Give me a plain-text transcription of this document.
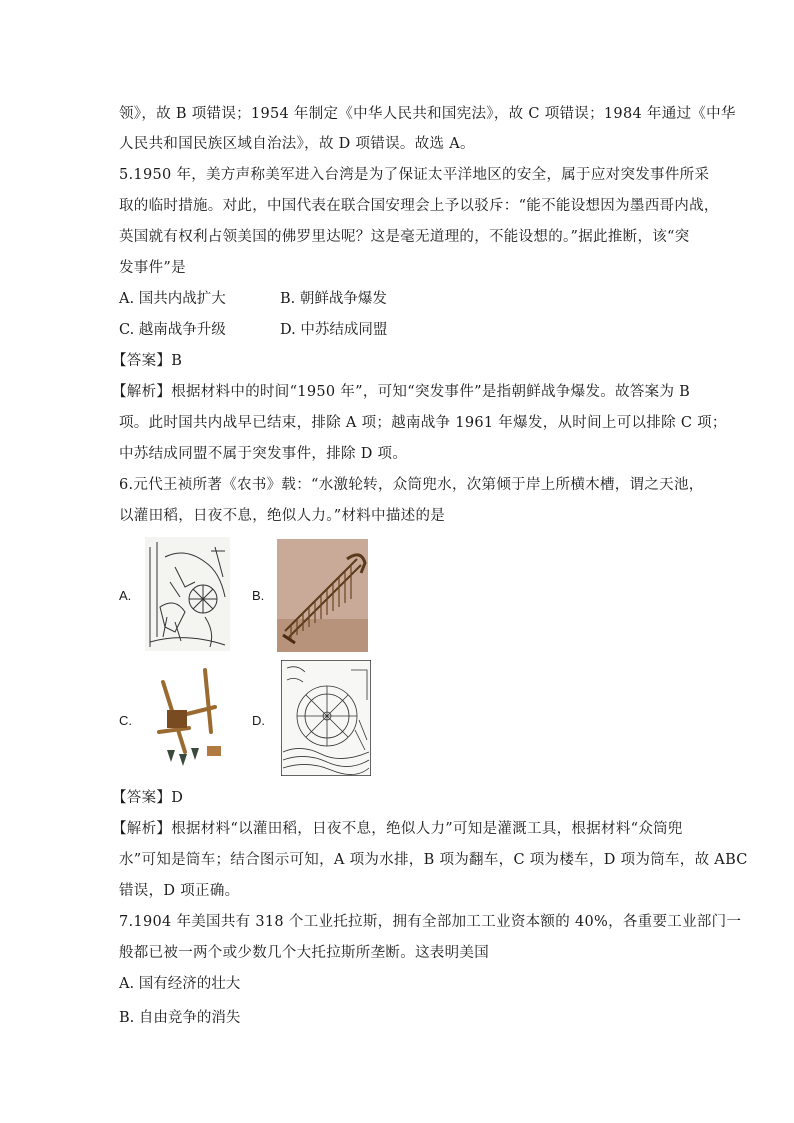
领》，故 B 项错误；1954 年制定《中华人民共和国宪法》，故 C 项错误；1984 年通过《中华
人民共和国民族区域自治法》，故 D 项错误。故选 A。
5.1950 年，美方声称美军进入台湾是为了保证太平洋地区的安全，属于应对突发事件所采
取的临时措施。对此，中国代表在联合国安理会上予以驳斥：“能不能设想因为墨西哥内战，
英国就有权利占领美国的佛罗里达呢？这是毫无道理的，不能设想的。”据此推断，该“突
发事件”是
A. 国共内战扩大	B. 朝鲜战争爆发
C. 越南战争升级	D. 中苏结成同盟
【答案】B
【解析】根据材料中的时间“1950 年”，可知“突发事件”是指朝鲜战争爆发。故答案为 B
项。此时国共内战早已结束，排除 A 项；越南战争 1961 年爆发，从时间上可以排除 C 项；
中苏结成同盟不属于突发事件，排除 D 项。
6.元代王祯所著《农书》载：“水激轮转，众筒兜水，次第倾于岸上所横木槽，谓之天池，
以灌田稻，日夜不息，绝似人力。”材料中描述的是
A.	B.
C.	D.
【答案】D
【解析】根据材料“以灌田稻，日夜不息，绝似人力”可知是灌溉工具，根据材料“众筒兜
水”可知是筒车；结合图示可知，A 项为水排，B 项为翻车，C 项为楼车，D 项为筒车，故 ABC
错误，D 项正确。
7.1904 年美国共有 318 个工业托拉斯，拥有全部加工工业资本额的 40%，各重要工业部门一
般都已被一两个或少数几个大托拉斯所垄断。这表明美国
A. 国有经济的壮大
B. 自由竞争的消失
